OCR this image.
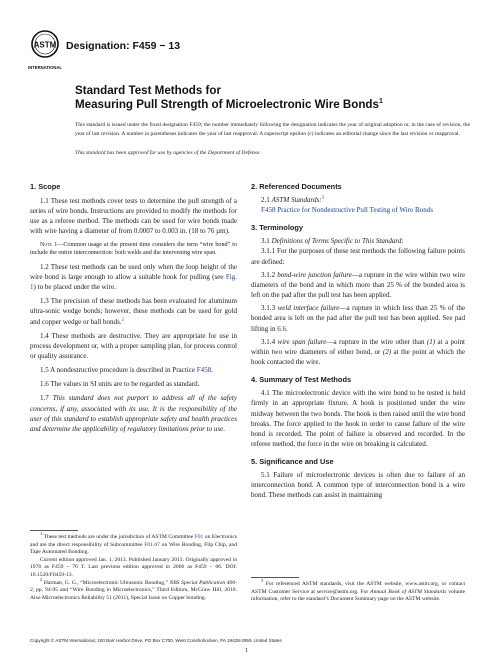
ASTM
INTERNATIONAL
Designation: F459 − 13
Standard Test Methods for
Measuring Pull Strength of Microelectronic Wire Bonds$^1$
This standard is issued under the fixed designation F459; the number immediately following the designation indicates the year of original adoption or, in the case of revision, the year of last revision. A number in parentheses indicates the year of last reapproval. A superscript epsilon (ε) indicates an editorial change since the last revision or reapproval.
This standard has been approved for use by agencies of the Department of Defense.
1. Scope

1.1 These test methods cover tests to determine the pull strength of a series of wire bonds. Instructions are provided to modify the methods for use as a referee method. The methods can be used for wire bonds made with wire having a diameter of from 0.0007 to 0.003 in. (18 to 76 µm).

Note 1—Common usage at the present time considers the term “wire bond” to include the entire interconnection: both welds and the intervening wire span.

1.2 These test methods can be used only when the loop height of the wire bond is large enough to allow a suitable hook for pulling (see Fig. 1) to be placed under the wire.

1.3 The precision of these methods has been evaluated for aluminum ultra-sonic wedge bonds; however, these methods can be used for gold and copper wedge or ball bonds.$^2$

1.4 These methods are destructive. They are appropriate for use in process development or, with a proper sampling plan, for process control or quality assurance.

1.5 A nondestructive procedure is described in Practice F458.

1.6 The values in SI units are to be regarded as standard.

1.7 This standard does not purport to address all of the safety concerns, if any, associated with its use. It is the responsibility of the user of this standard to establish appropriate safety and health practices and determine the applicability of regulatory limitations prior to use.

$^1$ These test methods are under the jurisdiction of ASTM Committee F01 on Electronics and are the direct responsibility of Subcommittee F01.07 on Wire Bonding, Flip Chip, and Tape Automated Bonding.

Current edition approved Jan. 1, 2013. Published January 2013. Originally approved in 1976 as F459 – 76 T. Last previous edition approved in 2006 as F459 – 06. DOI: 10.1520/F0459-13.

$^2$ Harman, G. G., “Microelectronic Ultrasonic Bonding,” NBS Special Publication 400-2, pp. 94-95 and “Wire Bonding in Microelectronics,” Third Edition, McGraw Hill, 2010. Also Microelectronics Reliability 51 (2011), Special Issue on Copper bonding.

2. Referenced Documents

2.1 ASTM Standards:$^3$

F458 Practice for Nondestructive Pull Testing of Wire Bonds

3. Terminology

3.1 Definitions of Terms Specific to This Standard:

3.1.1 For the purposes of these test methods the following failure points are defined:

3.1.2 bond-wire junction failure—a rupture in the wire within two wire diameters of the bond and in which more than 25 % of the bonded area is left on the pad after the pull test has been applied.

3.1.3 weld interface failure—a rupture in which less than 25 % of the bonded area is left on the pad after the pull test has been applied. See pad lifting in 6.6.

3.1.4 wire span failure—a rupture in the wire other than (1) at a point within two wire diameters of either bond, or (2) at the point at which the hook contacted the wire.

4. Summary of Test Methods

4.1 The microelectronic device with the wire bond to be tested is held firmly in an appropriate fixture. A hook is positioned under the wire midway between the two bonds. The hook is then raised until the wire bond breaks. The force applied to the hook in order to cause failure of the wire bond is recorded. The point of failure is observed and recorded. In the referee method, the force in the wire on breaking is calculated.

5. Significance and Use

5.1 Failure of microelectronic devices is often due to failure of an interconnection bond. A common type of interconnection bond is a wire bond. These methods can assist in maintaining

$^3$ For referenced ASTM standards, visit the ASTM website, www.astm.org, or contact ASTM Customer Service at service@astm.org. For Annual Book of ASTM Standards volume information, refer to the standard’s Document Summary page on the ASTM website.

Copyright © ASTM International, 100 Barr Harbor Drive, PO Box C700, West Conshohocken, PA 19428-2959. United States
1
